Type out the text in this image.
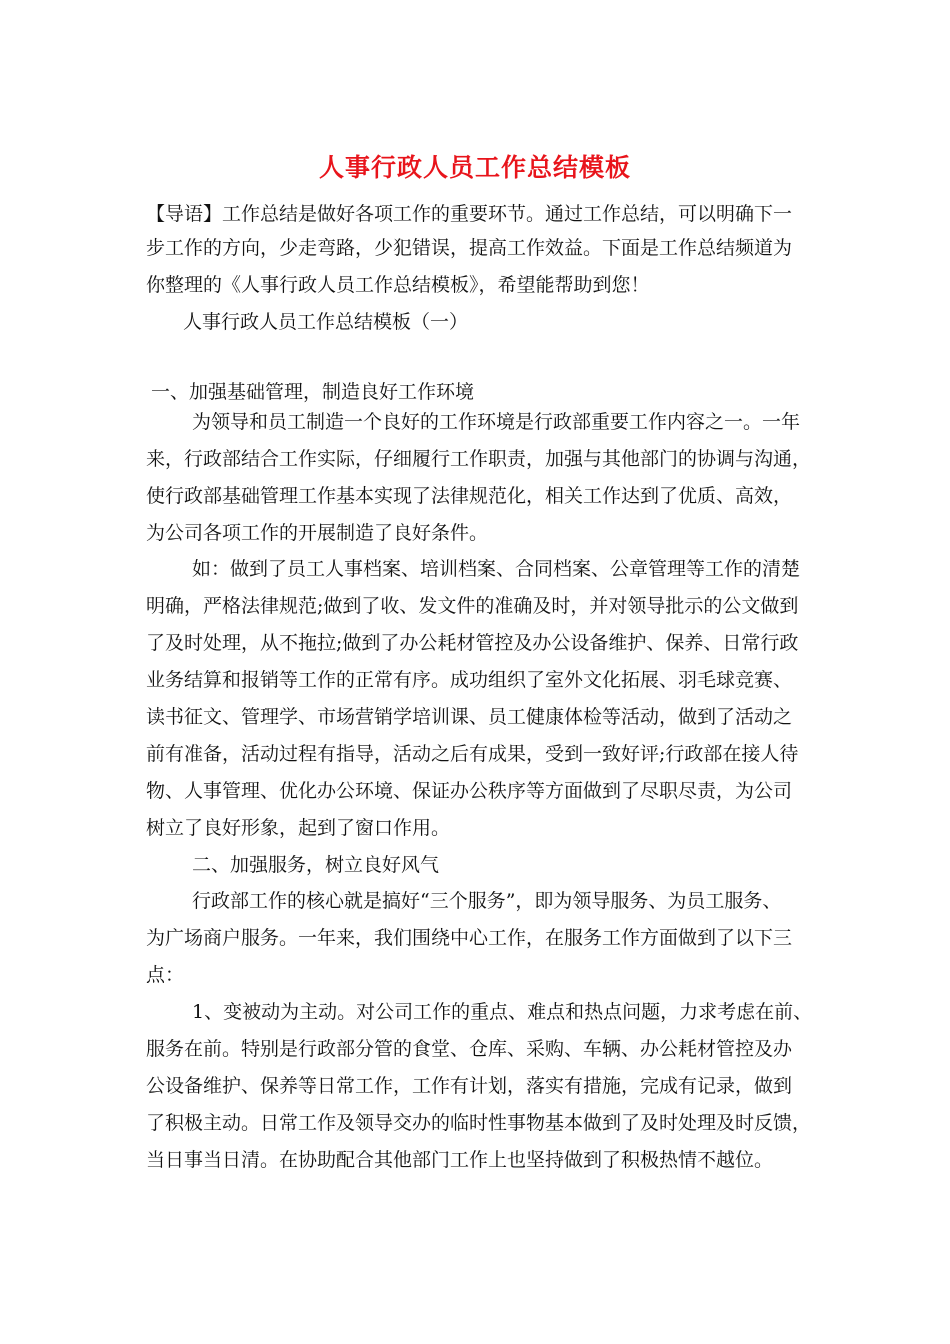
人事行政人员工作总结模板
【导语】工作总结是做好各项工作的重要环节。通过工作总结，可以明确下一
步工作的方向，少走弯路，少犯错误，提高工作效益。下面是工作总结频道为
你整理的《人事行政人员工作总结模板》，希望能帮助到您！
人事行政人员工作总结模板（一）
一、加强基础管理，制造良好工作环境
为领导和员工制造一个良好的工作环境是行政部重要工作内容之一。一年
来，行政部结合工作实际，仔细履行工作职责，加强与其他部门的协调与沟通，
使行政部基础管理工作基本实现了法律规范化，相关工作达到了优质、高效，
为公司各项工作的开展制造了良好条件。
如：做到了员工人事档案、培训档案、合同档案、公章管理等工作的清楚
明确，严格法律规范;做到了收、发文件的准确及时，并对领导批示的公文做到
了及时处理，从不拖拉;做到了办公耗材管控及办公设备维护、保养、日常行政
业务结算和报销等工作的正常有序。成功组织了室外文化拓展、羽毛球竞赛、
读书征文、管理学、市场营销学培训课、员工健康体检等活动，做到了活动之
前有准备，活动过程有指导，活动之后有成果，受到一致好评;行政部在接人待
物、人事管理、优化办公环境、保证办公秩序等方面做到了尽职尽责，为公司
树立了良好形象，起到了窗口作用。
二、加强服务，树立良好风气
行政部工作的核心就是搞好“三个服务”，即为领导服务、为员工服务、
为广场商户服务。一年来，我们围绕中心工作，在服务工作方面做到了以下三
点：
1、变被动为主动。对公司工作的重点、难点和热点问题，力求考虑在前、
服务在前。特别是行政部分管的食堂、仓库、采购、车辆、办公耗材管控及办
公设备维护、保养等日常工作，工作有计划，落实有措施，完成有记录，做到
了积极主动。日常工作及领导交办的临时性事物基本做到了及时处理及时反馈，
当日事当日清。在协助配合其他部门工作上也坚持做到了积极热情不越位。
